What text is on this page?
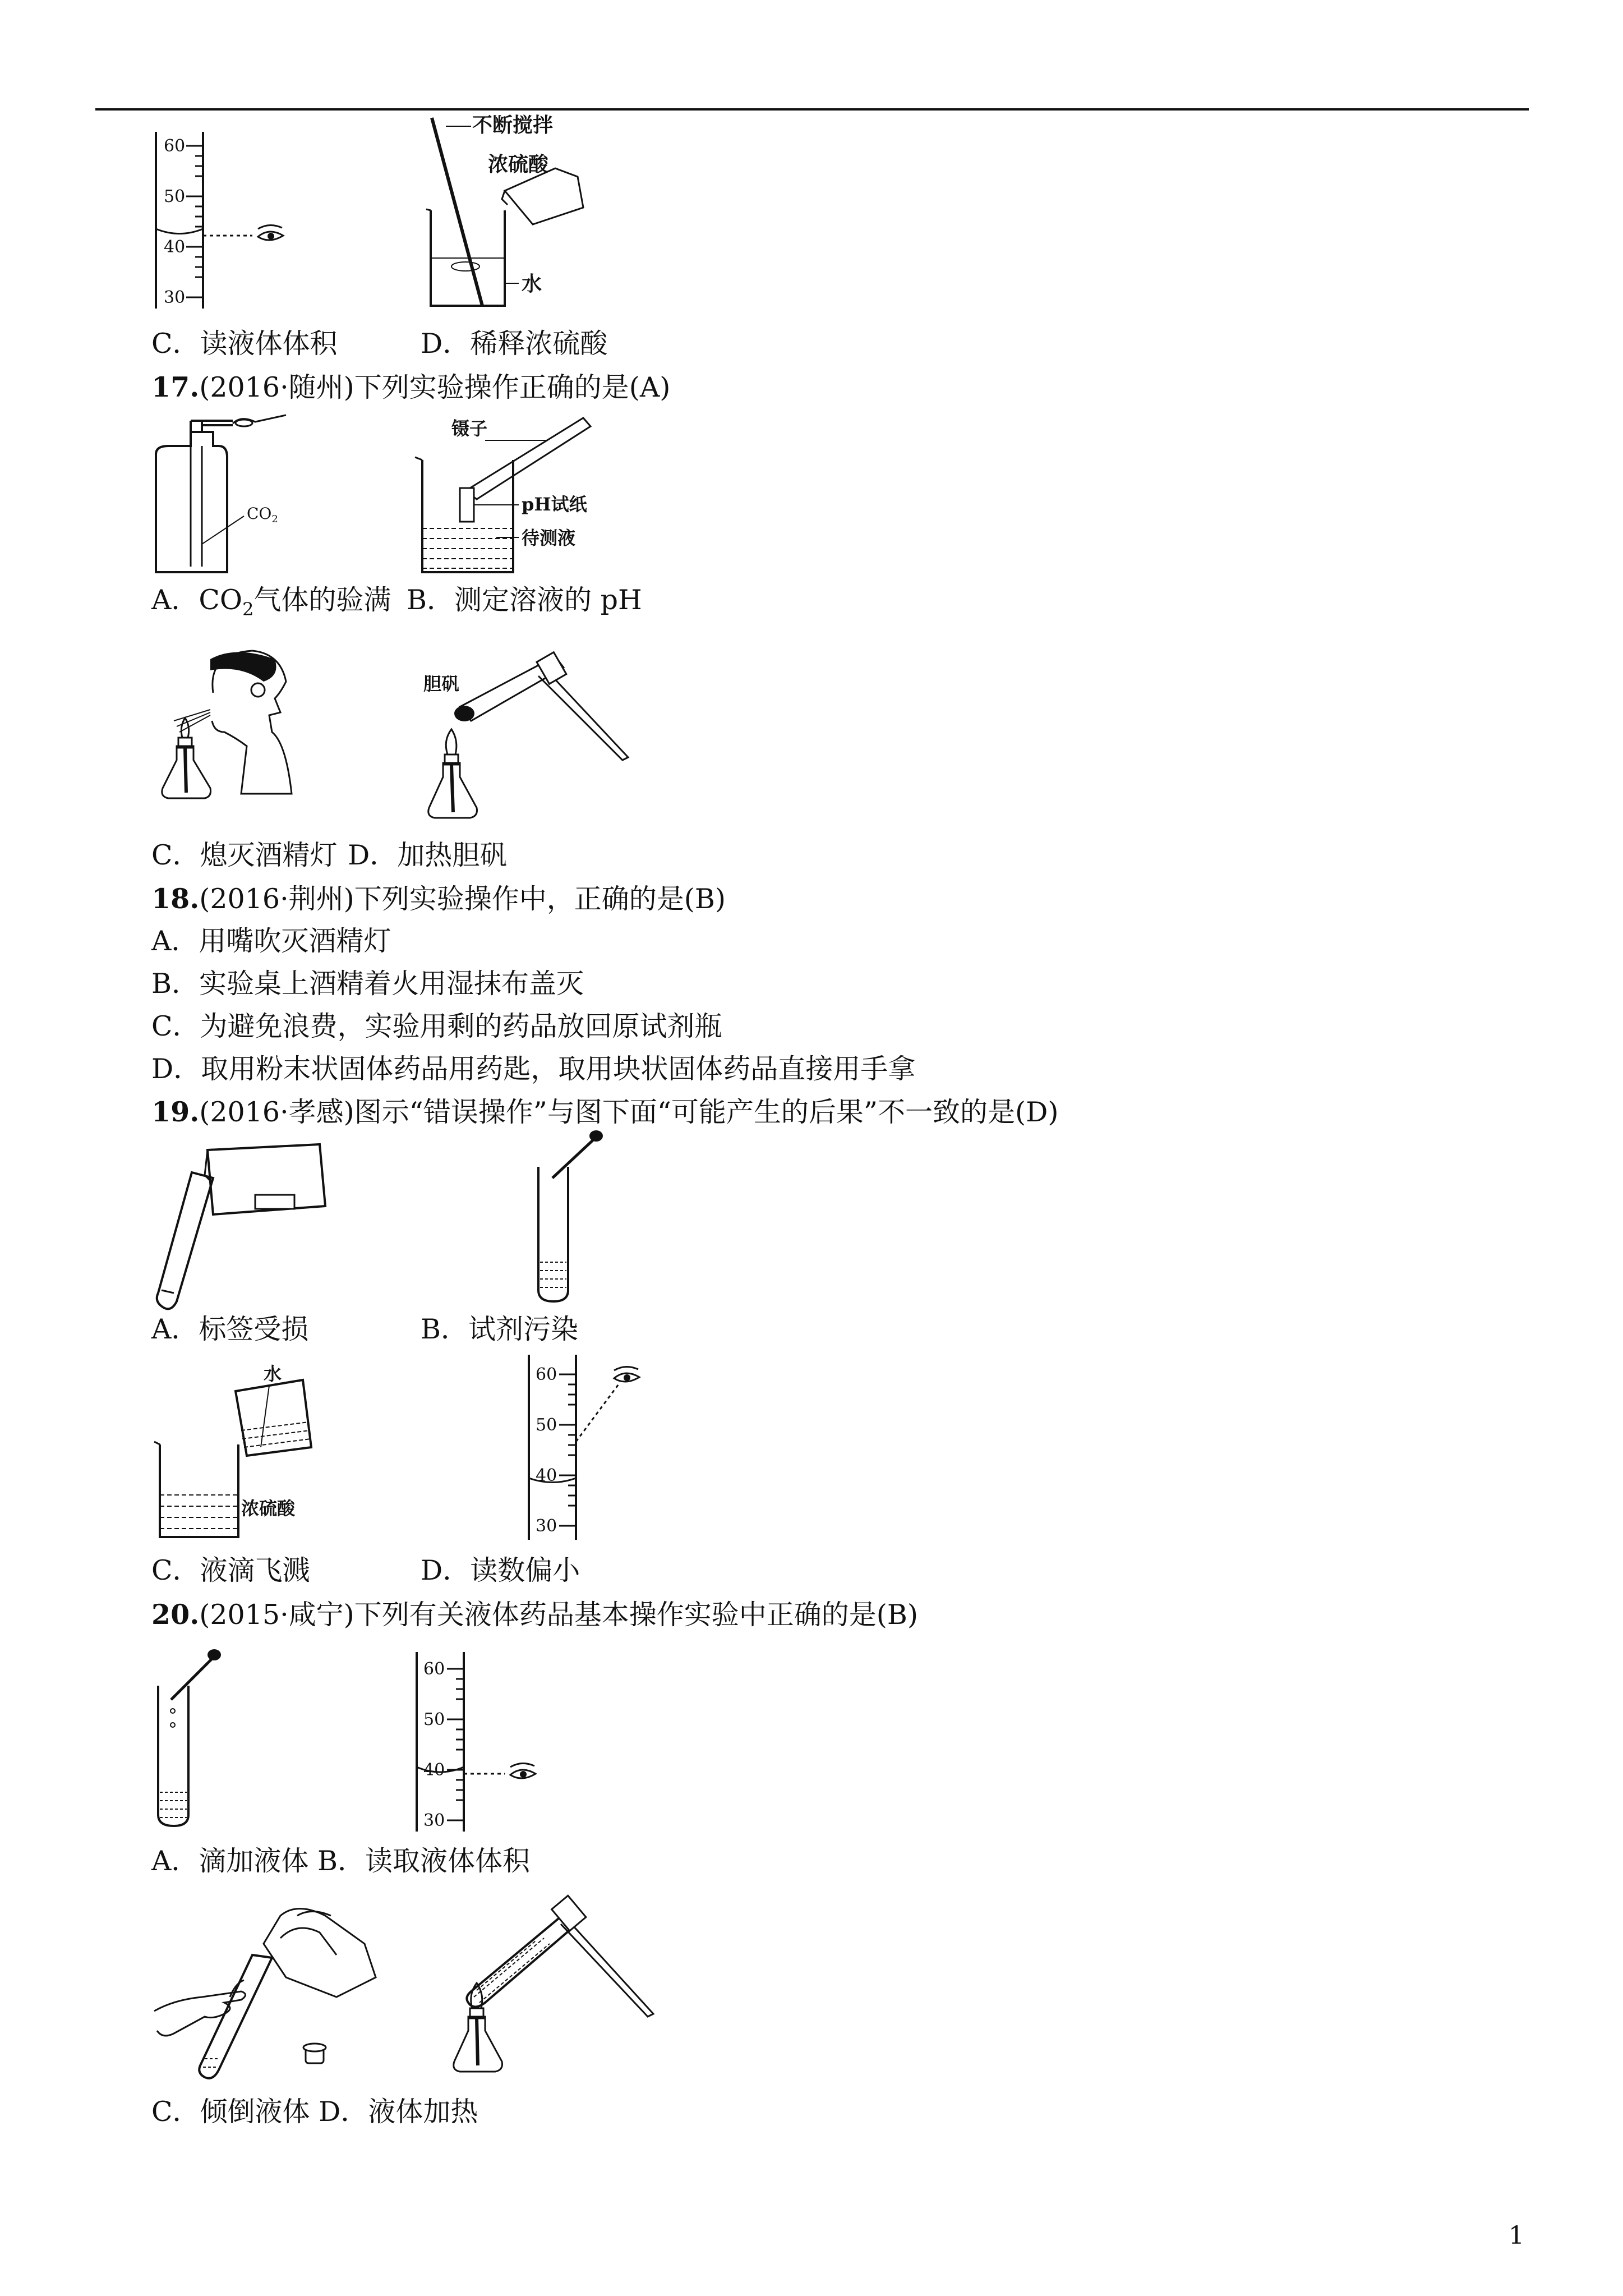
60
50
40
30
不断搅拌
浓硫酸
水
C．读液体体积	D．稀释浓硫酸
17.(2016·随州)下列实验操作正确的是(A)
$CO_2$
镊子
pH试纸
待测液
A．$CO_2$气体的验满 B．测定溶液的 pH
胆矾
C．熄灭酒精灯 D．加热胆矾
18.(2016·荆州)下列实验操作中，正确的是(B)
A．用嘴吹灭酒精灯
B．实验桌上酒精着火用湿抹布盖灭
C．为避免浪费，实验用剩的药品放回原试剂瓶
D．取用粉末状固体药品用药匙，取用块状固体药品直接用手拿
19.(2016·孝感)图示“错误操作”与图下面“可能产生的后果”不一致的是(D)
A．标签受损	B．试剂污染
水
浓硫酸
60
50
40
30
C．液滴飞溅	D．读数偏小
20.(2015·咸宁)下列有关液体药品基本操作实验中正确的是(B)
60
50
40
30
A．滴加液体 B．读取液体体积
C．倾倒液体 D．液体加热
1
